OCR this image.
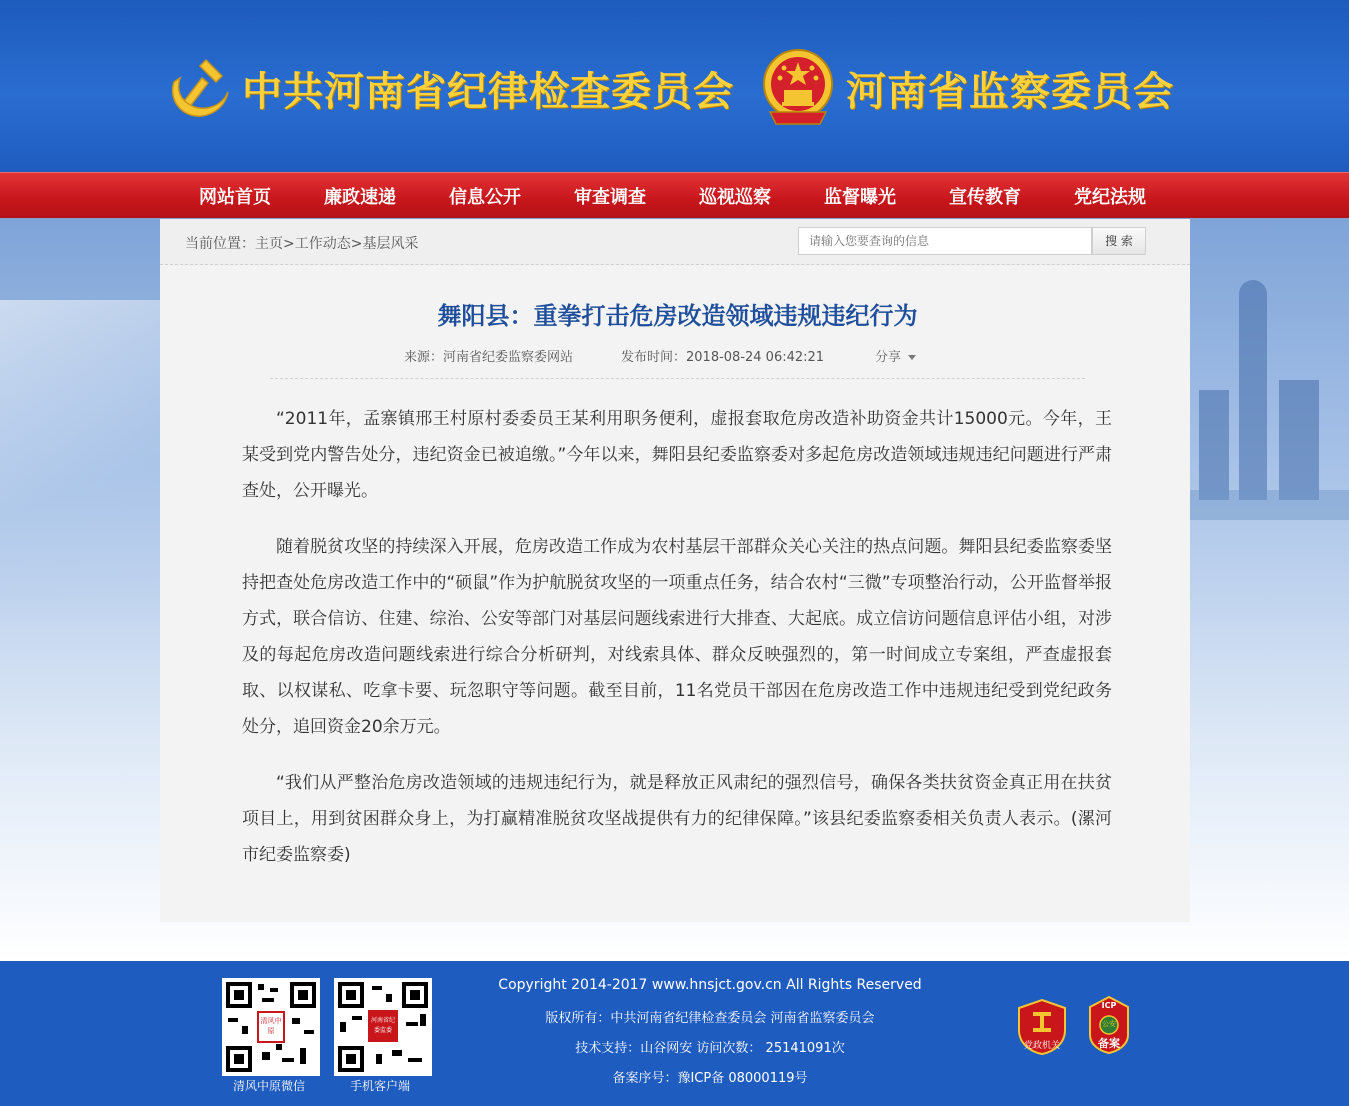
中共河南省纪律检查委员会	河南省监察委员会
网站首页	廉政速递	信息公开	审查调查	巡视巡察	监督曝光	宣传教育	党纪法规
当前位置：主页>工作动态>基层风采
请输入您要查询的信息	搜 索
舞阳县：重拳打击危房改造领域违规违纪行为
来源：河南省纪委监察委网站	发布时间：2018-08-24 06:42:21	分享

“2011年，孟寨镇邢王村原村委委员王某利用职务便利，虚报套取危房改造补助资金共计15000元。今年，王某受到党内警告处分，违纪资金已被追缴。”今年以来，舞阳县纪委监察委对多起危房改造领域违规违纪问题进行严肃查处，公开曝光。

随着脱贫攻坚的持续深入开展，危房改造工作成为农村基层干部群众关心关注的热点问题。舞阳县纪委监察委坚持把查处危房改造工作中的“硕鼠”作为护航脱贫攻坚的一项重点任务，结合农村“三微”专项整治行动，公开监督举报方式，联合信访、住建、综治、公安等部门对基层问题线索进行大排查、大起底。成立信访问题信息评估小组，对涉及的每起危房改造问题线索进行综合分析研判，对线索具体、群众反映强烈的，第一时间成立专案组，严查虚报套取、以权谋私、吃拿卡要、玩忽职守等问题。截至目前，11名党员干部因在危房改造工作中违规违纪受到党纪政务处分，追回资金20余万元。

“我们从严整治危房改造领域的违规违纪行为，就是释放正风肃纪的强烈信号，确保各类扶贫资金真正用在扶贫项目上，用到贫困群众身上，为打赢精准脱贫攻坚战提供有力的纪律保障。”该县纪委监察委相关负责人表示。(漯河市纪委监察委)

清风中原
清风中原微信
河南省纪委监委
手机客户端
Copyright 2014-2017 www.hnsjct.gov.cn All Rights Reserved
版权所有：中共河南省纪律检查委员会 河南省监察委员会
技术支持：山谷网安 访问次数： 25141091次
备案序号：豫ICP备 08000119号
党政机关
ICP
公安
备案
